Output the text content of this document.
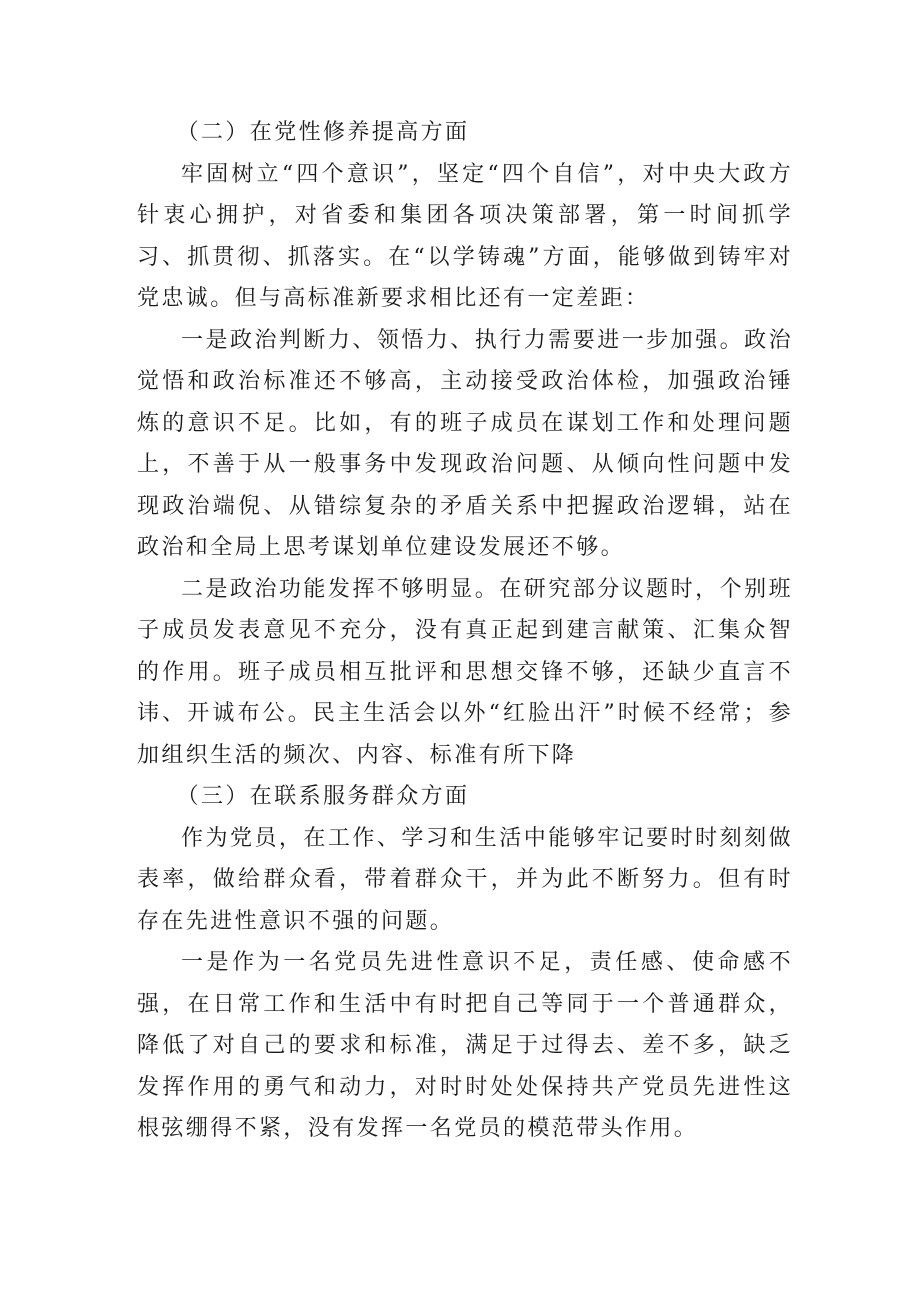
（二）在党性修养提高方面

牢固树立“四个意识”，坚定“四个自信”，对中央大政方针衷心拥护，对省委和集团各项决策部署，第一时间抓学习、抓贯彻、抓落实。在“以学铸魂”方面，能够做到铸牢对党忠诚。但与高标准新要求相比还有一定差距：

一是政治判断力、领悟力、执行力需要进一步加强。政治觉悟和政治标准还不够高，主动接受政治体检，加强政治锤炼的意识不足。比如，有的班子成员在谋划工作和处理问题上，不善于从一般事务中发现政治问题、从倾向性问题中发现政治端倪、从错综复杂的矛盾关系中把握政治逻辑，站在政治和全局上思考谋划单位建设发展还不够。

二是政治功能发挥不够明显。在研究部分议题时，个别班子成员发表意见不充分，没有真正起到建言献策、汇集众智的作用。班子成员相互批评和思想交锋不够，还缺少直言不讳、开诚布公。民主生活会以外“红脸出汗”时候不经常；参加组织生活的频次、内容、标准有所下降

（三）在联系服务群众方面

作为党员，在工作、学习和生活中能够牢记要时时刻刻做表率，做给群众看，带着群众干，并为此不断努力。但有时存在先进性意识不强的问题。

一是作为一名党员先进性意识不足，责任感、使命感不强，在日常工作和生活中有时把自己等同于一个普通群众，降低了对自己的要求和标准，满足于过得去、差不多，缺乏发挥作用的勇气和动力，对时时处处保持共产党员先进性这根弦绷得不紧，没有发挥一名党员的模范带头作用。
